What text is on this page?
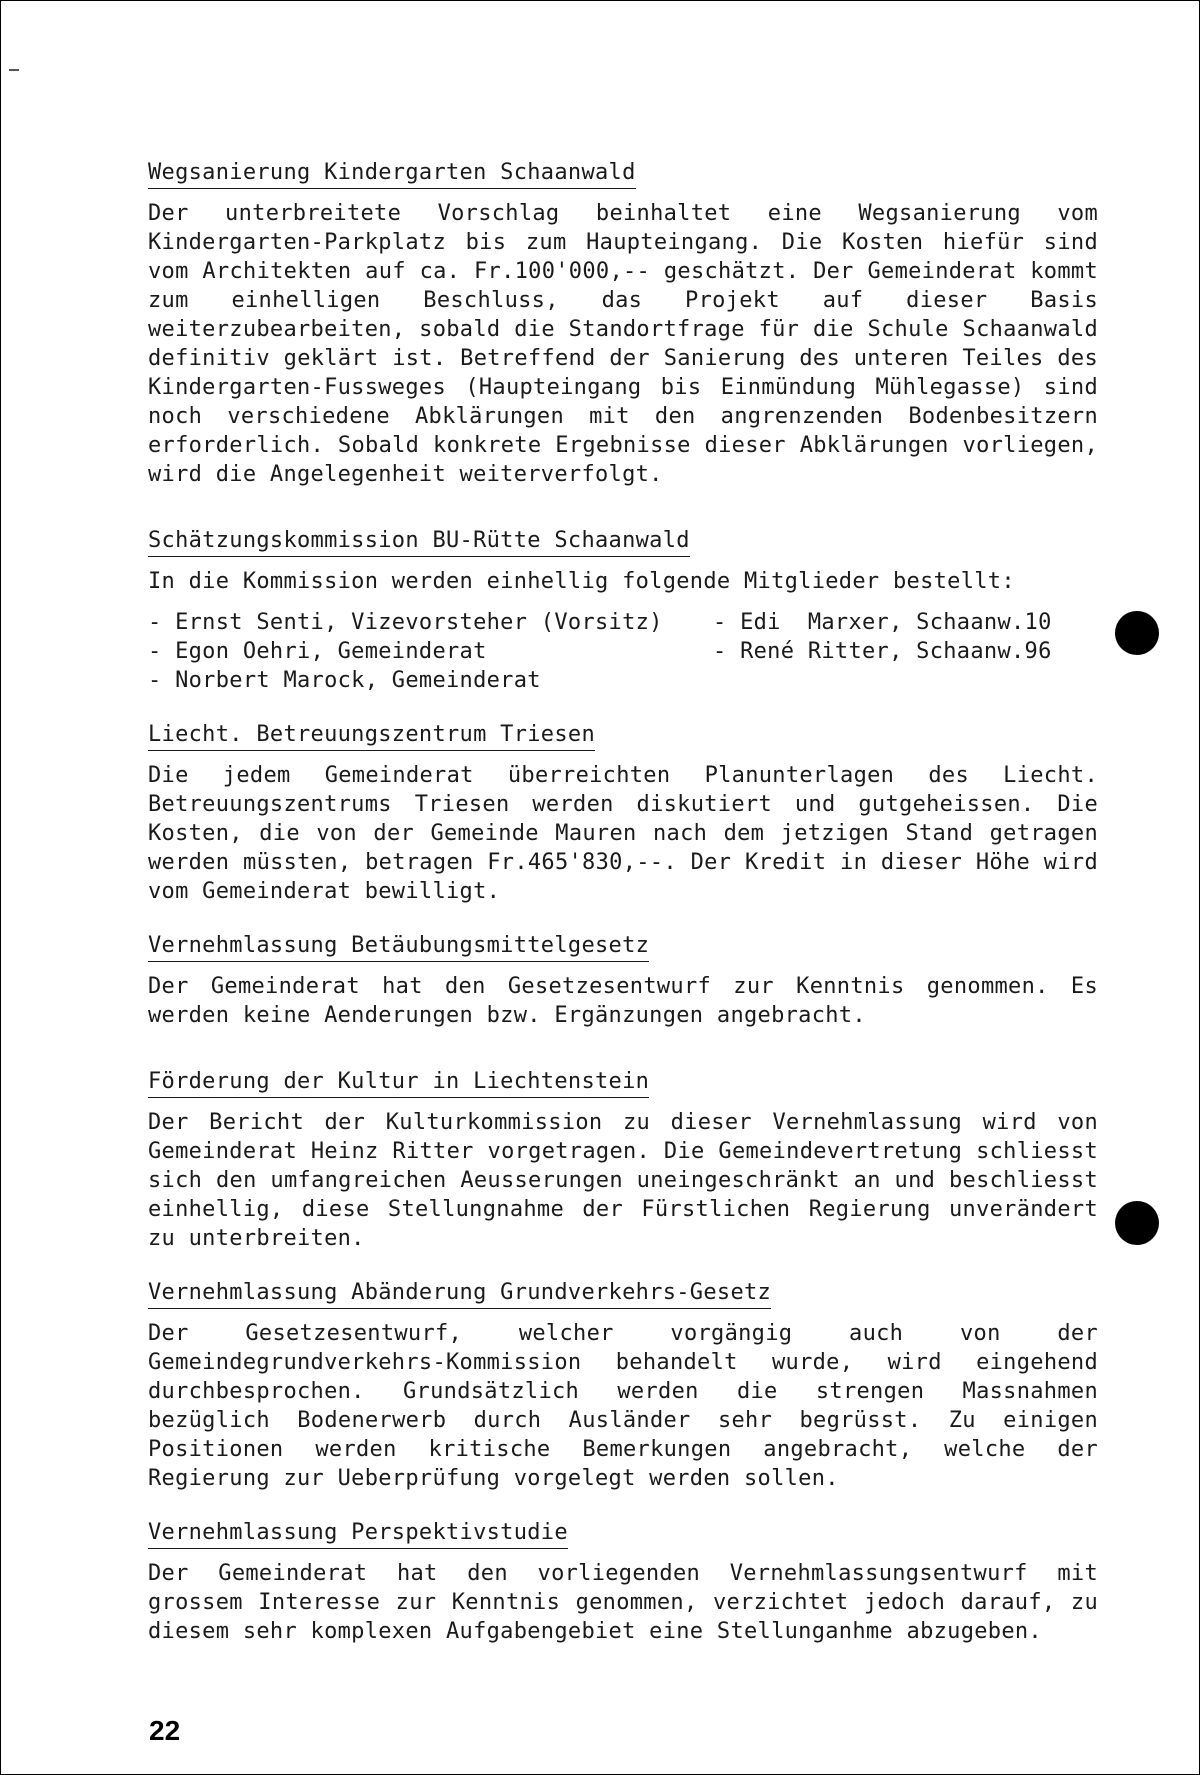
Wegsanierung Kindergarten Schaanwald

Der unterbreitete Vorschlag beinhaltet eine Wegsanierung vom Kindergarten-Parkplatz bis zum Haupteingang. Die Kosten hiefür sind vom Architekten auf ca. Fr.100'000,-- geschätzt. Der Gemeinderat kommt zum einhelligen Beschluss, das Projekt auf dieser Basis weiterzubearbeiten, sobald die Standortfrage für die Schule Schaanwald definitiv geklärt ist. Betreffend der Sanierung des unteren Teiles des Kindergarten-Fussweges (Haupteingang bis Einmündung Mühlegasse) sind noch verschiedene Abklärungen mit den angrenzenden Bodenbesitzern erforderlich. Sobald konkrete Ergebnisse dieser Abklärungen vorliegen, wird die Angelegenheit weiterverfolgt.

Schätzungskommission BU-Rütte Schaanwald

In die Kommission werden einhellig folgende Mitglieder bestellt:

- Ernst Senti, Vizevorsteher (Vorsitz)	- Edi  Marxer, Schaanw.10
- Egon Oehri, Gemeinderat	- René Ritter, Schaanw.96
- Norbert Marock, Gemeinderat
Liecht. Betreuungszentrum Triesen

Die jedem Gemeinderat überreichten Planunterlagen des Liecht. Betreuungszentrums Triesen werden diskutiert und gutgeheissen. Die Kosten, die von der Gemeinde Mauren nach dem jetzigen Stand getragen werden müssten, betragen Fr.465'830,--. Der Kredit in dieser Höhe wird vom Gemeinderat bewilligt.

Vernehmlassung Betäubungsmittelgesetz

Der Gemeinderat hat den Gesetzesentwurf zur Kenntnis genommen. Es werden keine Aenderungen bzw. Ergänzungen angebracht.

Förderung der Kultur in Liechtenstein

Der Bericht der Kulturkommission zu dieser Vernehmlassung wird von Gemeinderat Heinz Ritter vorgetragen. Die Gemeindevertretung schliesst sich den umfangreichen Aeusserungen uneingeschränkt an und beschliesst einhellig, diese Stellungnahme der Fürstlichen Regierung unverändert zu unterbreiten.

Vernehmlassung Abänderung Grundverkehrs-Gesetz

Der Gesetzesentwurf, welcher vorgängig auch von der Gemeindegrundverkehrs-Kommission behandelt wurde, wird eingehend durchbesprochen. Grundsätzlich werden die strengen Massnahmen bezüglich Bodenerwerb durch Ausländer sehr begrüsst. Zu einigen Positionen werden kritische Bemerkungen angebracht, welche der Regierung zur Ueberprüfung vorgelegt werden sollen.

Vernehmlassung Perspektivstudie

Der Gemeinderat hat den vorliegenden Vernehmlassungsentwurf mit grossem Interesse zur Kenntnis genommen, verzichtet jedoch darauf, zu diesem sehr komplexen Aufgabengebiet eine Stellunganhme abzugeben.

22
